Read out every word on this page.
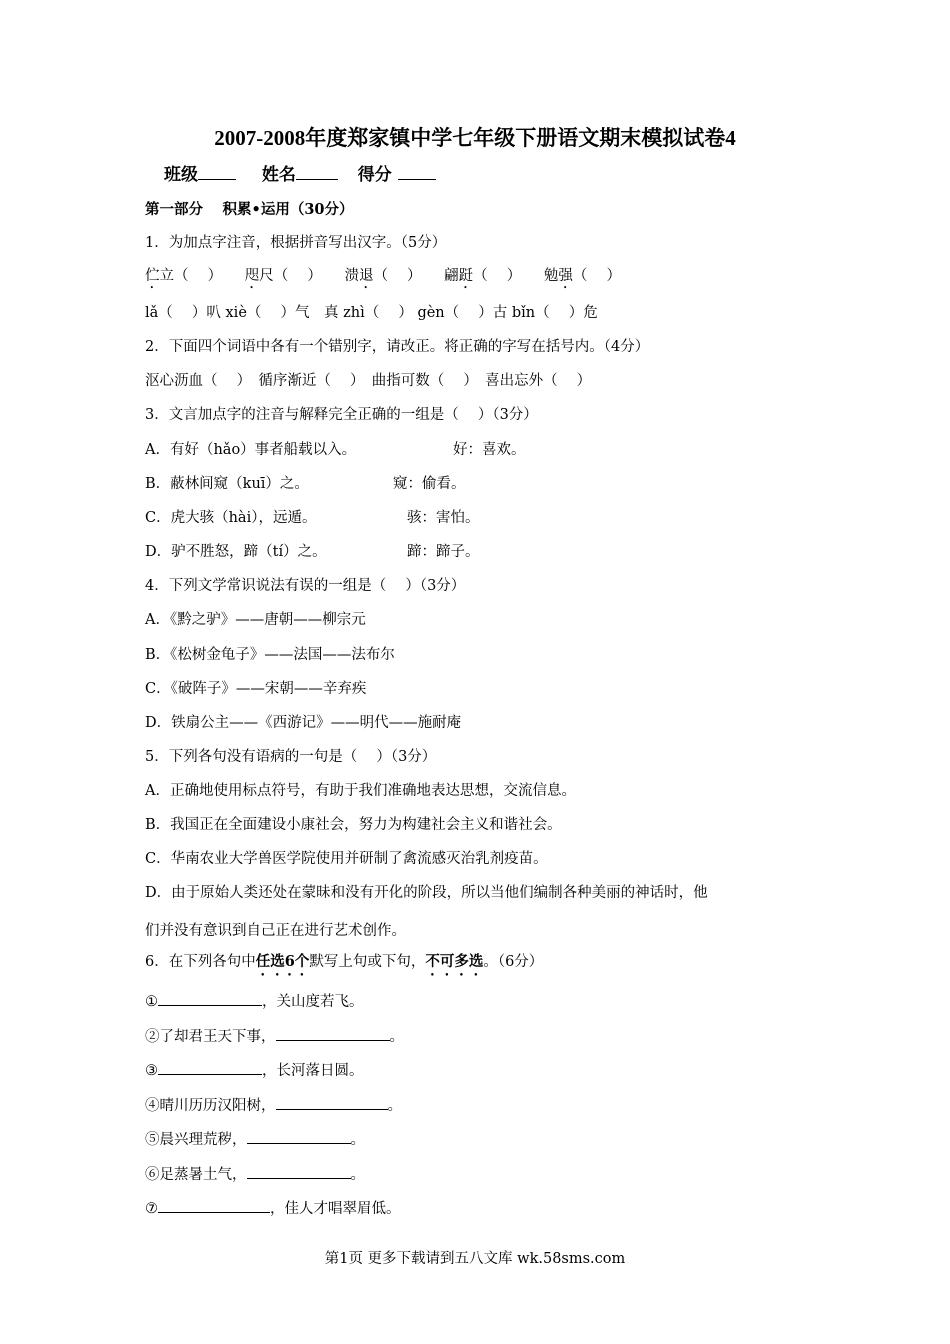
2007-2008年度郑家镇中学七年级下册语文期末模拟试卷4
班级	姓名	得分
第一部分　 积累•运用（30分）
1．为加点字注音，根据拼音写出汉字。（5分）
伫立（　 ） 咫尺（　 ） 溃退（　 ） 翩跹（　 ） 勉强（　 ）
lǎ（　 ）叭 xiè（　 ）气　真 zhì（　 ） gèn（　 ）古 bǐn（　 ）危
2．下面四个词语中各有一个错别字，请改正。将正确的字写在括号内。（4分）
沤心沥血（　 ）　循序渐近（　 ）　曲指可数（　 ）　喜出忘外（　 ）
3．文言加点字的注音与解释完全正确的一组是（　 ）（3分）
A．有好（hǎo）事者船载以入。	好：喜欢。
B．蔽林间窥（kuī）之。	窥：偷看。
C．虎大骇（hài），远遁。	骇：害怕。
D．驴不胜怒，蹄（tí）之。	蹄：蹄子。
4．下列文学常识说法有误的一组是（　 ）（3分）
A．《黔之驴》——唐朝——柳宗元
B．《松树金龟子》——法国——法布尔
C．《破阵子》——宋朝——辛弃疾
D．铁扇公主——《西游记》——明代——施耐庵
5．下列各句没有语病的一句是（　 ）（3分）
A．正确地使用标点符号，有助于我们准确地表达思想，交流信息。
B．我国正在全面建设小康社会，努力为构建社会主义和谐社会。
C．华南农业大学兽医学院使用并研制了禽流感灭治乳剂疫苗。
D．由于原始人类还处在蒙昧和没有开化的阶段，所以当他们编制各种美丽的神话时，他
们并没有意识到自己正在进行艺术创作。
6．在下列各句中任选6个默写上句或下句，不可多选。（6分）
①	，关山度若飞。
②了却君王天下事，	。
③	，长河落日圆。
④晴川历历汉阳树，	。
⑤晨兴理荒秽，	。
⑥足蒸暑土气，	。
⑦	，佳人才唱翠眉低。
第1页 更多下载请到五八文库 wk.58sms.com
